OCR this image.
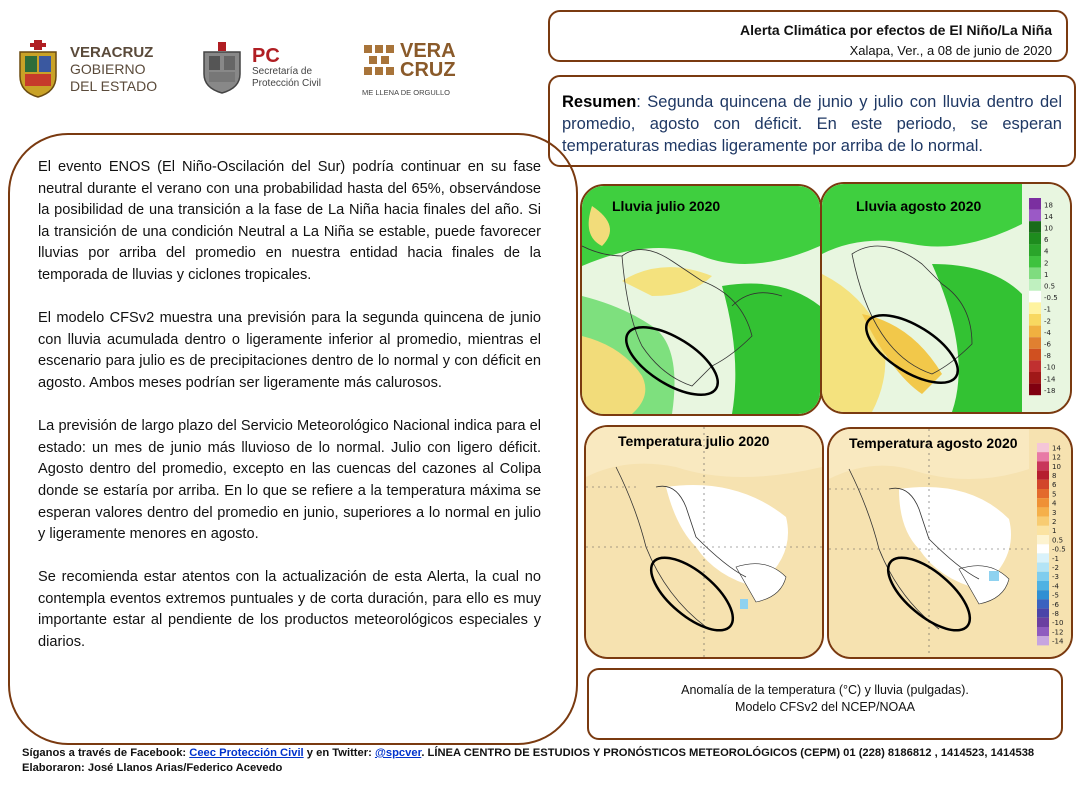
VERACRUZ
GOBIERNO
DEL ESTADO
PC
Secretaría de
Protección Civil
VERA
CRUZ
ME LLENA DE ORGULLO
Alerta Climática por efectos de El Niño/La Niña
Xalapa, Ver., a 08 de junio de 2020
Resumen: Segunda quincena de junio y julio con lluvia dentro del promedio, agosto con déficit. En este periodo, se esperan temperaturas medias ligeramente por arriba de lo normal.

El evento ENOS (El Niño-Oscilación del Sur) podría continuar en su fase neutral durante el verano con una probabilidad hasta del 65%, observándose la posibilidad de una transición a la fase de La Niña hacia finales del año. Si la transición de una condición Neutral a La Niña se estable, puede favorecer lluvias por arriba del promedio en nuestra entidad hacia finales de la temporada de lluvias y ciclones tropicales.

El modelo CFSv2 muestra una previsión para la segunda quincena de junio con lluvia acumulada dentro o ligeramente inferior al promedio, mientras el escenario para julio es de precipitaciones dentro de lo normal y con déficit en agosto. Ambos meses podrían ser ligeramente más calurosos.

La previsión de largo plazo del Servicio Meteorológico Nacional indica para el estado: un mes de junio más lluvioso de lo normal. Julio con ligero déficit. Agosto dentro del promedio, excepto en las cuencas del cazones al Colipa donde se estaría por arriba. En lo que se refiere a la temperatura máxima se esperan valores dentro del promedio en junio, superiores a lo normal en julio y ligeramente menores en agosto.

Se recomienda estar atentos con la actualización de esta Alerta, la cual no contempla eventos extremos puntuales y de corta duración, para ello es muy importante estar al pendiente de los productos meteorológicos especiales y diarios.

Lluvia julio 2020	18
14
10
6
4
2
1
0.5
-0.5
-1
-2
-4
-6
-8
-10
-14
-18
Lluvia agosto 2020
Temperatura julio 2020	14
12
10
8
6
5
4
3
2
1
0.5
-0.5
-1
-2
-3
-4
-5
-6
-8
-10
-12
-14
Temperatura agosto 2020
Anomalía de la temperatura (°C) y lluvia (pulgadas).
Modelo CFSv2 del NCEP/NOAA
Síganos a través de Facebook: Ceec Protección Civil y en Twitter: @spcver. LÍNEA CENTRO DE ESTUDIOS Y PRONÓSTICOS METEOROLÓGICOS (CEPM) 01 (228) 8186812 , 1414523, 1414538
Elaboraron: José Llanos Arias/Federico Acevedo
